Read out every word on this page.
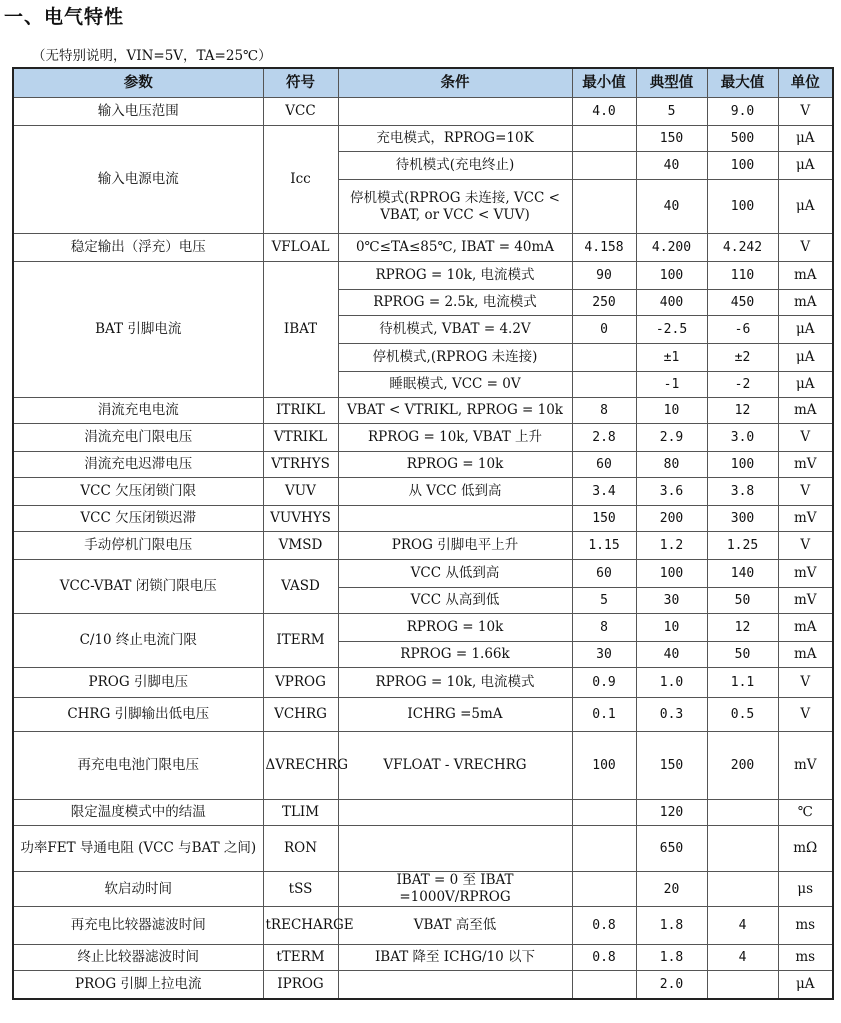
一、电气特性
（无特别说明，VIN=5V，TA=25℃）
参数	符号	条件	最小值	典型值	最大值	单位
输入电压范围	VCC		4.0	5	9.0	V
输入电源电流	Icc	充电模式，RPROG=10K		150	500	μA
		待机模式(充电终止)		40	100	μA
		停机模式(RPROG 未连接, VCC < VBAT, or VCC < VUV)		40	100	μA
稳定输出（浮充）电压	VFLOAL	0℃≤TA≤85℃, IBAT = 40mA	4.158	4.200	4.242	V
BAT 引脚电流	IBAT	RPROG = 10k, 电流模式	90	100	110	mA
		RPROG = 2.5k, 电流模式	250	400	450	mA
		待机模式, VBAT = 4.2V	0	-2.5	-6	μA
		停机模式,(RPROG 未连接)		±1	±2	μA
		睡眠模式, VCC = 0V		-1	-2	μA
涓流充电电流	ITRIKL	VBAT < VTRIKL, RPROG = 10k	8	10	12	mA
涓流充电门限电压	VTRIKL	RPROG = 10k, VBAT 上升	2.8	2.9	3.0	V
涓流充电迟滞电压	VTRHYS	RPROG = 10k	60	80	100	mV
VCC 欠压闭锁门限	VUV	从 VCC 低到高	3.4	3.6	3.8	V
VCC 欠压闭锁迟滞	VUVHYS		150	200	300	mV
手动停机门限电压	VMSD	PROG 引脚电平上升	1.15	1.2	1.25	V
VCC-VBAT 闭锁门限电压	VASD	VCC 从低到高	60	100	140	mV
		VCC 从高到低	5	30	50	mV
C/10 终止电流门限	ITERM	RPROG = 10k	8	10	12	mA
		RPROG = 1.66k	30	40	50	mA
PROG 引脚电压	VPROG	RPROG = 10k, 电流模式	0.9	1.0	1.1	V
CHRG 引脚输出低电压	VCHRG	ICHRG =5mA	0.1	0.3	0.5	V
再充电电池门限电压	ΔVRECHRG	VFLOAT - VRECHRG	100	150	200	mV
限定温度模式中的结温	TLIM			120		℃
功率FET 导通电阻 (VCC 与BAT 之间)	RON			650		mΩ
软启动时间	tSS	IBAT = 0 至 IBAT =1000V/RPROG		20		μs
再充电比较器滤波时间	tRECHARGE	VBAT 高至低	0.8	1.8	4	ms
终止比较器滤波时间	tTERM	IBAT 降至 ICHG/10 以下	0.8	1.8	4	ms
PROG 引脚上拉电流	IPROG			2.0		μA
